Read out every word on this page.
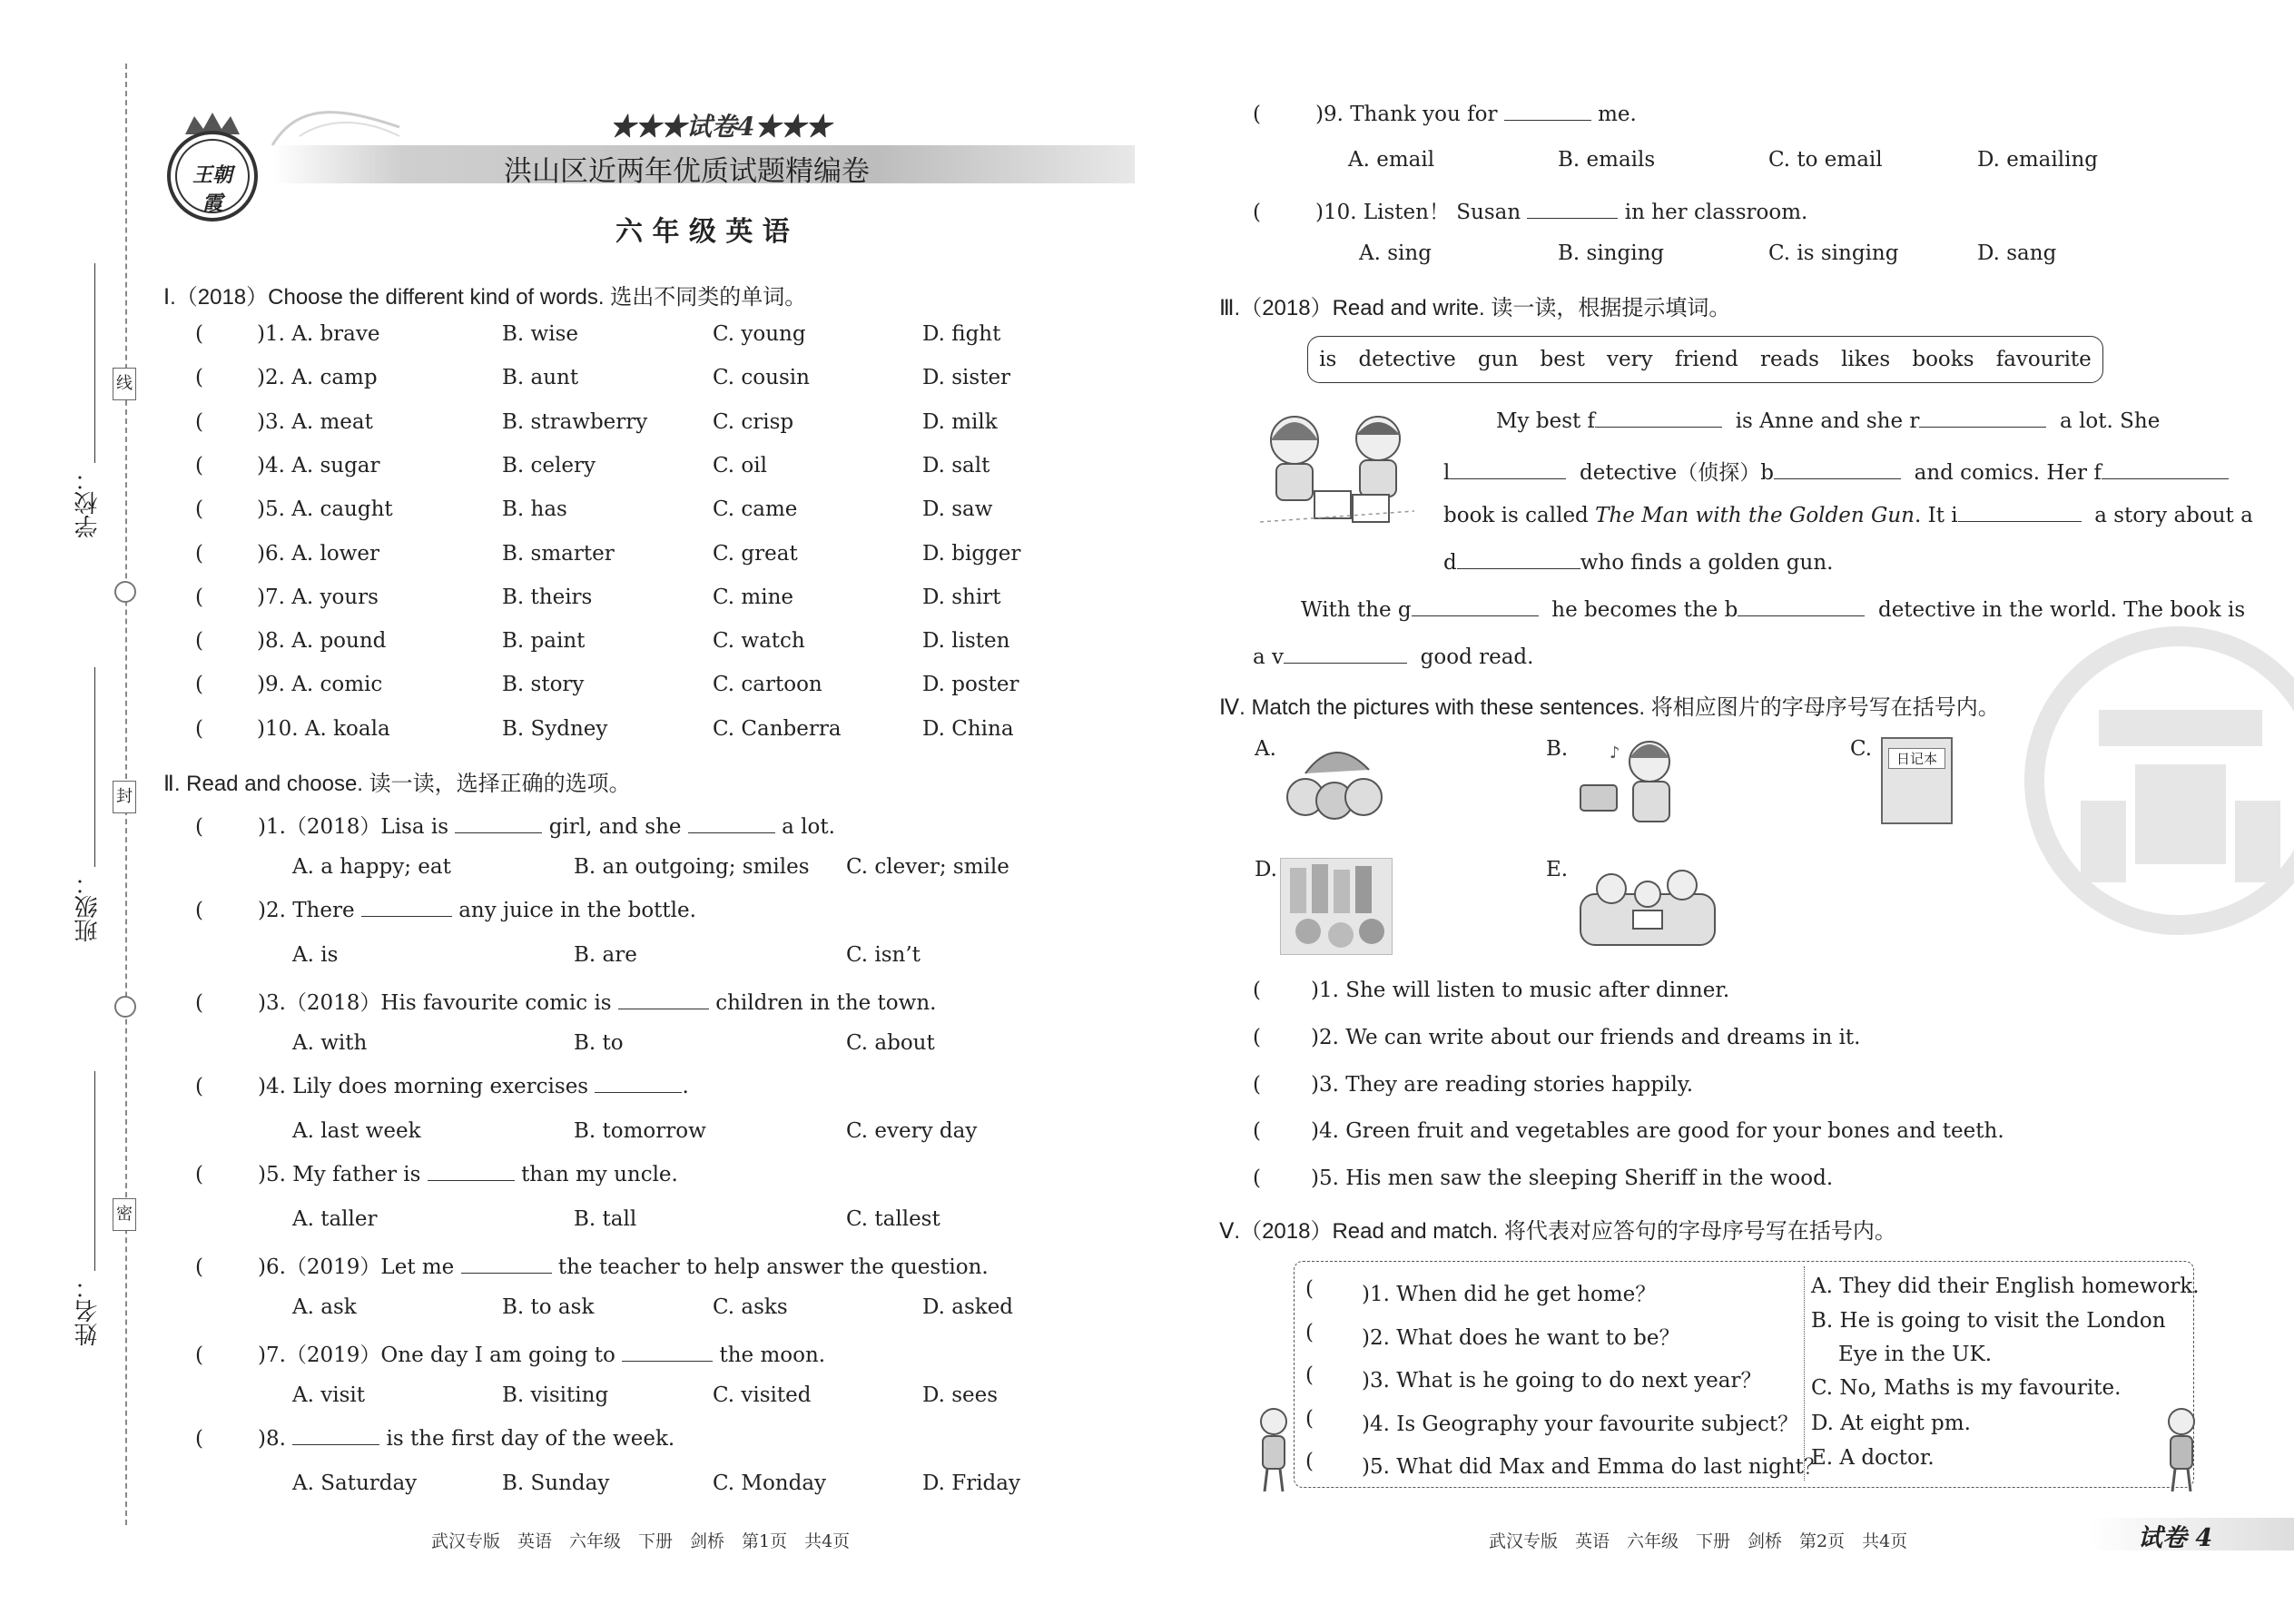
线
封
密
学校：
班级：
姓名：
王朝霞
★★★试卷4★★★
洪山区近两年优质试题精编卷
六 年 级 英 语
Ⅰ.（2018）Choose the different kind of words. 选出不同类的单词。
(	)1. A. brave	B. wise	C. young	D. fight
(	)2. A. camp	B. aunt	C. cousin	D. sister
(	)3. A. meat	B. strawberry	C. crisp	D. milk
(	)4. A. sugar	B. celery	C. oil	D. salt
(	)5. A. caught	B. has	C. came	D. saw
(	)6. A. lower	B. smarter	C. great	D. bigger
(	)7. A. yours	B. theirs	C. mine	D. shirt
(	)8. A. pound	B. paint	C. watch	D. listen
(	)9. A. comic	B. story	C. cartoon	D. poster
(	)10. A. koala	B. Sydney	C. Canberra	D. China
Ⅱ. Read and choose. 读一读，选择正确的选项。
(	)1.（2018）Lisa is	girl, and she	a lot.
A. a happy; eat	B. an outgoing; smiles C. clever; smile
(	)2. There	any juice in the bottle.
A. is	B. are	C. isn’t
(	)3.（2018）His favourite comic is	children in the town.
A. with	B. to	C. about
(	)4. Lily does morning exercises	.
A. last week	B. tomorrow	C. every day
(	)5. My father is	than my uncle.
A. taller	B. tall	C. tallest
(	)6.（2019）Let me	the teacher to help answer the question.
A. ask	B. to ask	C. asks	D. asked
(	)7.（2019）One day I am going to	the moon.
A. visit	B. visiting	C. visited	D. sees
(	)8.	is the first day of the week.
A. Saturday	B. Sunday	C. Monday	D. Friday
武汉专版　英语　六年级　下册　剑桥　第1页　共4页
(	)9. Thank you for	me.
A. email	B. emails	C. to email	D. emailing
(	)10. Listen！ Susan	in her classroom.
A. sing	B. singing	C. is singing	D. sang
Ⅲ.（2018）Read and write. 读一读，根据提示填词。
is detective gun best very friend reads likes books favourite
My best f	is Anne and she r	a lot. She
l	detective（侦探）b	and comics. Her f
book is called The Man with the Golden Gun. It i	a story about a
d	who finds a golden gun.
With the g	he becomes the b	detective in the world. The book is
a v	good read.
Ⅳ. Match the pictures with these sentences. 将相应图片的字母序号写在括号内。
A.	B.	♪	C.	日记本
D.	E.
( )1. She will listen to music after dinner.
( )2. We can write about our friends and dreams in it.
( )3. They are reading stories happily.
( )4. Green fruit and vegetables are good for your bones and teeth.
( )5. His men saw the sleeping Sheriff in the wood.
Ⅴ.（2018）Read and match. 将代表对应答句的字母序号写在括号内。
( )1. When did he get home？
( )2. What does he want to be？
( )3. What is he going to do next year？
( )4. Is Geography your favourite subject？
( )5. What did Max and Emma do last night？
A. They did their English homework.
B. He is going to visit the London
Eye in the UK.
C. No, Maths is my favourite.
D. At eight pm.
E. A doctor.
武汉专版　英语　六年级　下册　剑桥　第2页　共4页	试卷 4
